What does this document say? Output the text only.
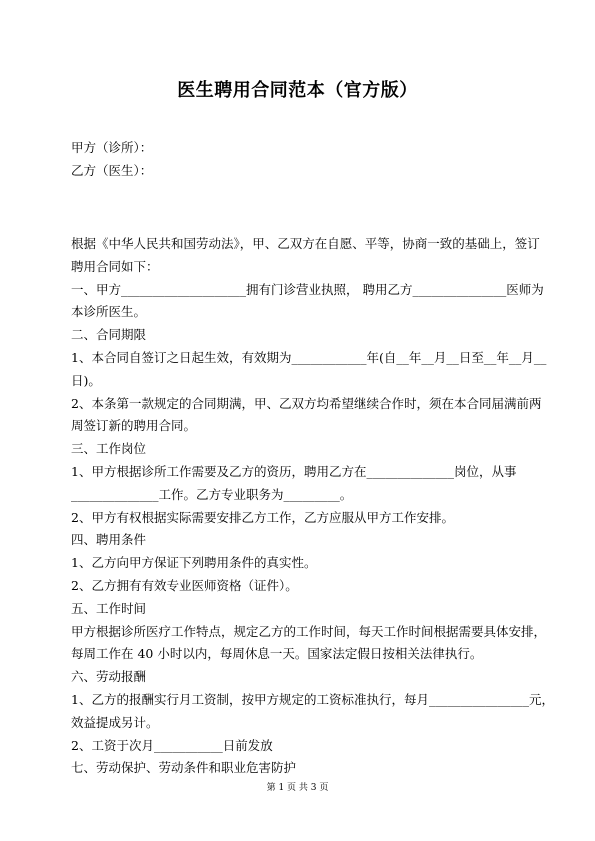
医生聘用合同范本（官方版）
甲方（诊所）：
乙方（医生）：
根据《中华人民共和国劳动法》，甲、乙双方在自愿、平等，协商一致的基础上，签订
聘用合同如下：
一、甲方____________________拥有门诊营业执照， 聘用乙方_______________医师为
本诊所医生。
二、合同期限
1、本合同自签订之日起生效，有效期为____________年(自__年__月__日至__年__月__
日)。
2、本条第一款规定的合同期满，甲、乙双方均希望继续合作时，须在本合同届满前两
周签订新的聘用合同。
三、工作岗位
1、甲方根据诊所工作需要及乙方的资历，聘用乙方在______________岗位，从事
______________工作。乙方专业职务为_________。
2、甲方有权根据实际需要安排乙方工作，乙方应服从甲方工作安排。
四、聘用条件
1、乙方向甲方保证下列聘用条件的真实性。
2、乙方拥有有效专业医师资格（证件）。
五、工作时间
甲方根据诊所医疗工作特点，规定乙方的工作时间，每天工作时间根据需要具体安排，
每周工作在 40 小时以内，每周休息一天。国家法定假日按相关法律执行。
六、劳动报酬
1、乙方的报酬实行月工资制，按甲方规定的工资标准执行，每月________________元，
效益提成另计。
2、工资于次月___________日前发放
七、劳动保护、劳动条件和职业危害防护
第 1 页 共 3 页
